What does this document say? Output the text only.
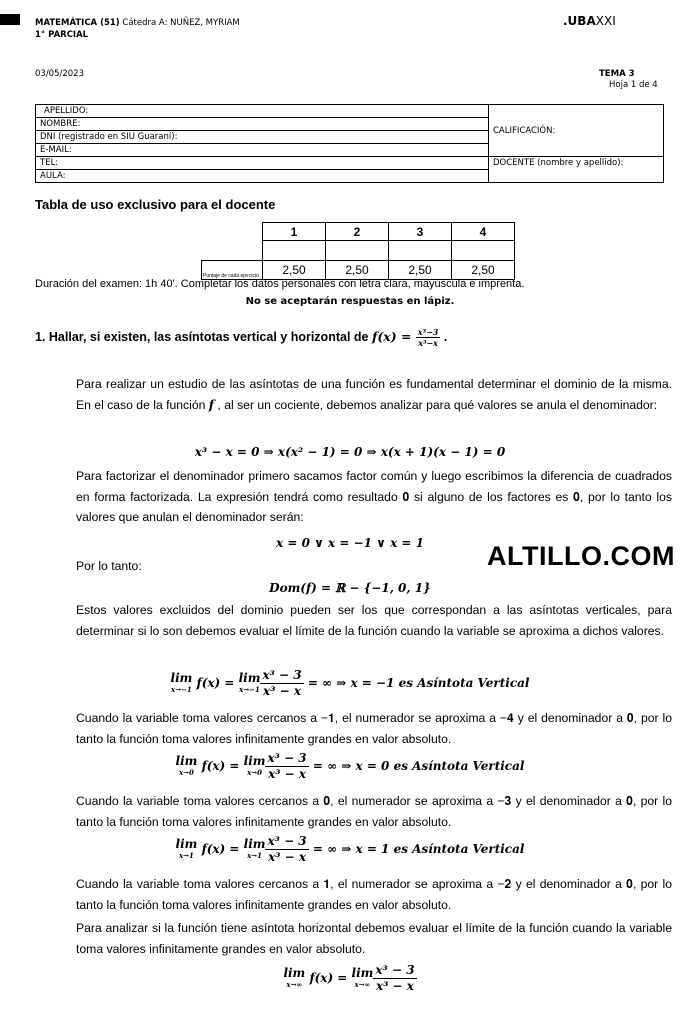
MATEMÁTICA (51) Cátedra A: NUÑEZ, MYRIAM
1° PARCIAL
.UBAXXI
03/05/2023	TEMA 3
Hoja 1 de 4
APELLIDO:	CALIFICACIÓN:
NOMBRE:	
DNI (registrado en SIU Guaraní):	
E-MAIL:	
TEL:	DOCENTE (nombre y apellido):
AULA:	
Tabla de uso exclusivo para el docente
	1	2	3	4

Puntaje de cada ejercicio	2,50	2,50	2,50	2,50
Duración del examen: 1h 40'. Completar los datos personales con letra clara, mayúscula e imprenta.
No se aceptarán respuestas en lápiz.
1. Hallar, si existen, las asíntotas vertical y horizontal de $f(x) = \frac{\text{x³−3}}{\text{x³−x}}$ .
Para realizar un estudio de las asíntotas de una función es fundamental determinar el dominio de la misma. En el caso de la función f , al ser un cociente, debemos analizar para qué valores se anula el denominador:
x³ − x = 0 ⇒ x(x² − 1) = 0 ⇒ x(x + 1)(x − 1) = 0
Para factorizar el denominador primero sacamos factor común y luego escribimos la diferencia de cuadrados en forma factorizada. La expresión tendrá como resultado 𝟎 si alguno de los factores es 𝟎, por lo tanto los valores que anulan el denominador serán:
x = 0 ∨ x = −1 ∨ x = 1
Por lo tanto:	ALTILLO.COM
Dom(f) = ℝ − {−1, 0, 1}
Estos valores excluidos del dominio pueden ser los que correspondan a las asíntotas verticales, para determinar si lo son debemos evaluar el límite de la función cuando la variable se aproxima a dichos valores.
lim
x→−1 f(x) = lim
$x\to-1 \frac{\text{x³ − 3}}{\text{x³ − x}}$ = ∞ ⇒ x = −1 es Asíntota Vertical
Cuando la variable toma valores cercanos a −𝟏, el numerador se aproxima a −𝟒 y el denominador a 𝟎, por lo tanto la función toma valores infinitamente grandes en valor absoluto.
lim
x→0 f(x) = lim
$x\to 0 \frac{\text{x³ − 3}}{\text{x³ − x}}$ = ∞ ⇒ x = 0 es Asíntota Vertical
Cuando la variable toma valores cercanos a 𝟎, el numerador se aproxima a −𝟑 y el denominador a 𝟎, por lo tanto la función toma valores infinitamente grandes en valor absoluto.
lim
x→1 f(x) = lim
$x\to 1 \frac{\text{x³ − 3}}{\text{x³ − x}}$ = ∞ ⇒ x = 1 es Asíntota Vertical
Cuando la variable toma valores cercanos a 𝟏, el numerador se aproxima a −𝟐 y el denominador a 𝟎, por lo tanto la función toma valores infinitamente grandes en valor absoluto.
Para analizar si la función tiene asíntota horizontal debemos evaluar el límite de la función cuando la variable toma valores infinitamente grandes en valor absoluto.
lim
x→∞ f(x) = lim
$x\to\infty \frac{\text{x³ − 3}}{\text{x³ − x}}$
